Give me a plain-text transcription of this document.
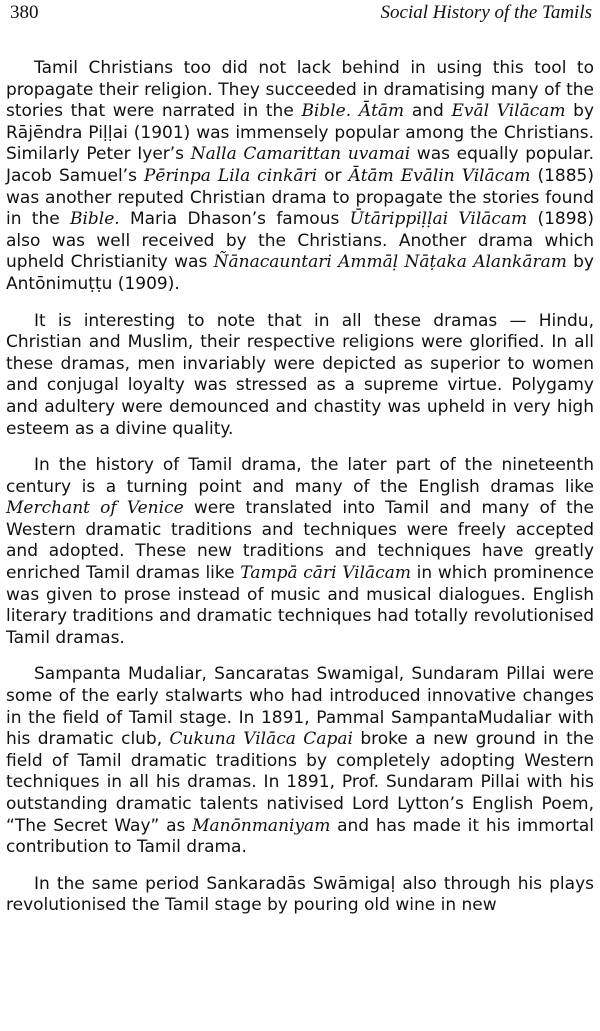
380	Social History of the Tamils

Tamil Christians too did not lack behind in using this tool to propagate their religion. They succeeded in dramatising many of the stories that were narrated in the Bible. Ātām and Evāl Vilācam by Rājēndra Piḷḷai (1901) was immensely popular among the Christians. Similarly Peter Iyer’s Nalla Camarittan uvamai was equally popular. Jacob Samuel’s Pērinpa Lila cinkāri or Ātām Evālin Vilācam (1885) was another reputed Christian drama to propagate the stories found in the Bible. Maria Dhason’s famous Ūtārippiḷḷai Vilācam (1898) also was well received by the Christians. Another drama which upheld Christianity was Ñānacauntari Ammāḷ Nāṭaka Alankāram by Antōnimuṭṭu (1909).

It is interesting to note that in all these dramas — Hindu, Christian and Muslim, their respective religions were glorified. In all these dramas, men invariably were depicted as superior to women and conjugal loyalty was stressed as a supreme virtue. Polygamy and adultery were demounced and chastity was upheld in very high esteem as a divine quality.

In the history of Tamil drama, the later part of the nineteenth century is a turning point and many of the English dramas like Merchant of Venice were translated into Tamil and many of the Western dramatic traditions and techniques were freely accepted and adopted. These new traditions and techniques have greatly enriched Tamil dramas like Tampā cāri Vilācam in which prominence was given to prose instead of music and musical dialogues. English literary traditions and dramatic techniques had totally revolutionised Tamil dramas.

Sampanta Mudaliar, Sancaratas Swamigal, Sundaram Pillai were some of the early stalwarts who had introduced innovative changes in the field of Tamil stage. In 1891, Pammal SampantaMudaliar with his dramatic club, Cukuna Vilāca Capai broke a new ground in the field of Tamil dramatic traditions by completely adopting Western techniques in all his dramas. In 1891, Prof. Sundaram Pillai with his outstanding dramatic talents nativised Lord Lytton’s English Poem, “The Secret Way” as Manōnmaniyam and has made it his immortal contribution to Tamil drama.

In the same period Sankaradās Swāmigaḷ also through his plays revolutionised the Tamil stage by pouring old wine in new
